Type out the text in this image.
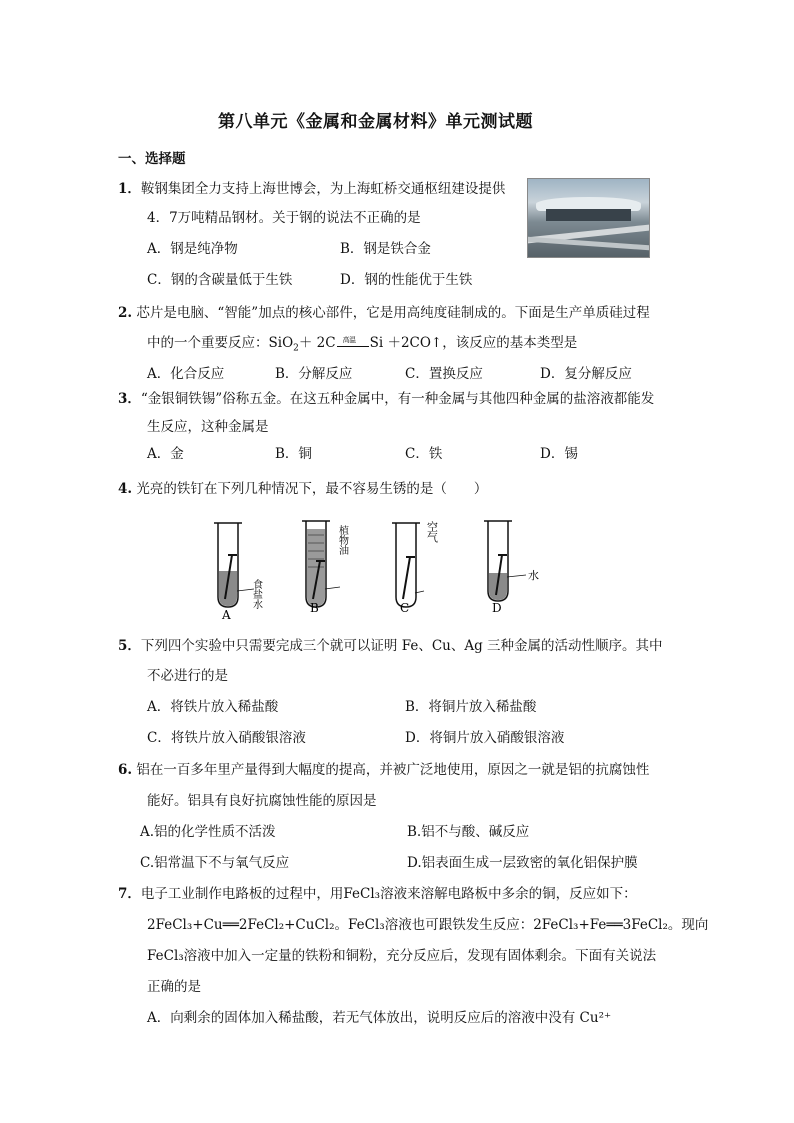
第八单元《金属和金属材料》单元测试题
一、选择题
1．鞍钢集团全力支持上海世博会，为上海虹桥交通枢纽建设提供
4．7万吨精品钢材。关于钢的说法不正确的是
A．钢是纯净物	B．钢是铁合金
C．钢的含碳量低于生铁	D．钢的性能优于生铁
2. 芯片是电脑、“智能”加点的核心部件，它是用高纯度硅制成的。下面是生产单质硅过程
中的一个重要反应：SiO$_2$＋ 2C 高温 Si ＋2CO↑，该反应的基本类型是
A．化合反应	B．分解反应	C．置换反应	D．复分解反应
3．“金银铜铁锡”俗称五金。在这五种金属中，有一种金属与其他四种金属的盐溶液都能发
生反应，这种金属是
A．金	B．铜	C．铁	D．锡
4. 光亮的铁钉在下列几种情况下，最不容易生锈的是（　　）
食盐水
A
植物油
B
空气
C
水
D
5．下列四个实验中只需要完成三个就可以证明 Fe、Cu、Ag 三种金属的活动性顺序。其中
不必进行的是
A．将铁片放入稀盐酸	B．将铜片放入稀盐酸
C．将铁片放入硝酸银溶液	D．将铜片放入硝酸银溶液
6. 铝在一百多年里产量得到大幅度的提高，并被广泛地使用，原因之一就是铝的抗腐蚀性
能好。铝具有良好抗腐蚀性能的原因是
A.铝的化学性质不活泼	B.铝不与酸、碱反应
C.铝常温下不与氧气反应	D.铝表面生成一层致密的氧化铝保护膜
7．电子工业制作电路板的过程中，用FeCl₃溶液来溶解电路板中多余的铜，反应如下：
2FeCl₃+Cu══2FeCl₂+CuCl₂。FeCl₃溶液也可跟铁发生反应：2FeCl₃+Fe══3FeCl₂。现向
FeCl₃溶液中加入一定量的铁粉和铜粉，充分反应后，发现有固体剩余。下面有关说法
正确的是
A．向剩余的固体加入稀盐酸，若无气体放出，说明反应后的溶液中没有 Cu²⁺
